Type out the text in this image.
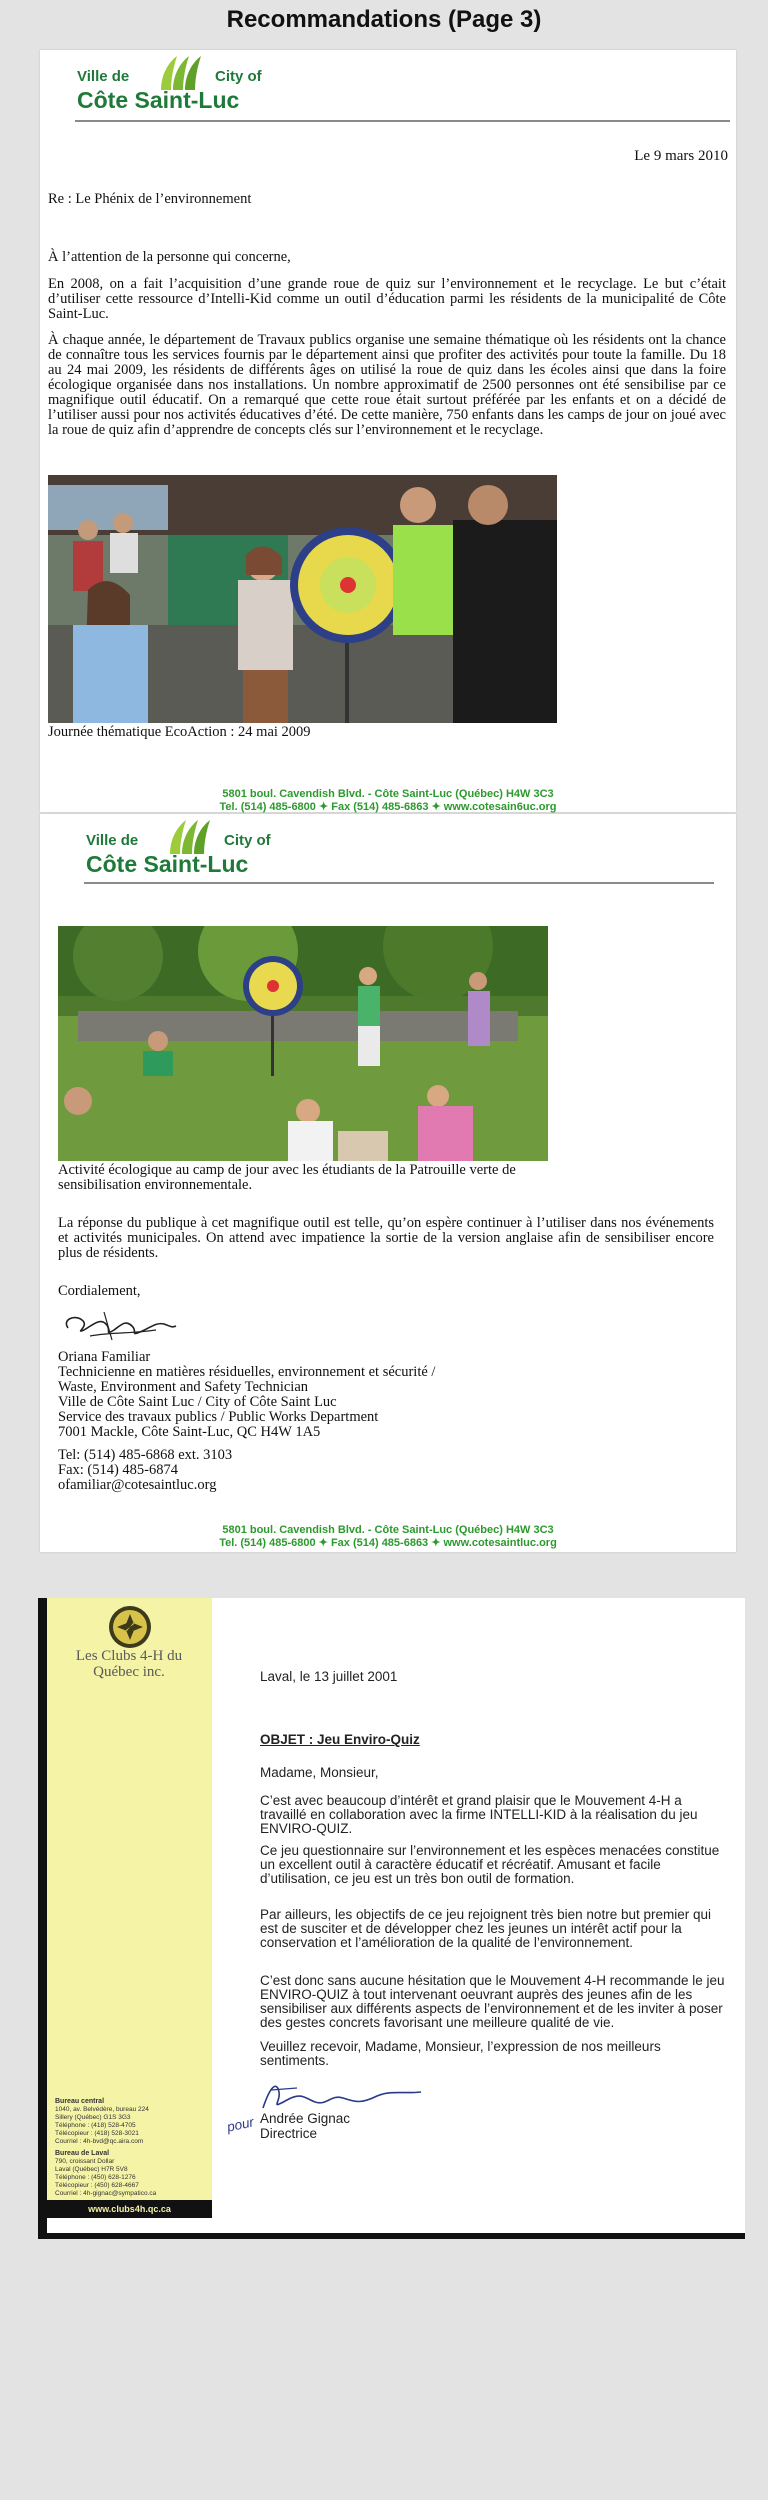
Recommandations (Page 3)
Ville de	City of
Côte Saint-Luc
Le 9 mars 2010
Re : Le Phénix de l’environnement
À l’attention de la personne qui concerne,
En 2008, on a fait l’acquisition d’une grande roue de quiz sur l’environnement et le recyclage. Le but c’était d’utiliser cette ressource d’Intelli-Kid comme un outil d’éducation parmi les résidents de la municipalité de Côte Saint-Luc.
À chaque année, le département de Travaux publics organise une semaine thématique où les résidents ont la chance de connaître tous les services fournis par le département ainsi que profiter des activités pour toute la famille. Du 18 au 24 mai 2009, les résidents de différents âges on utilisé la roue de quiz dans les écoles ainsi que dans la foire écologique organisée dans nos installations. Un nombre approximatif de 2500 personnes ont été sensibilise par ce magnifique outil éducatif. On a remarqué que cette roue était surtout préférée par les enfants et on a décidé de l’utiliser aussi pour nos activités éducatives d’été. De cette manière, 750 enfants dans les camps de jour on joué avec la roue de quiz afin d’apprendre de concepts clés sur l’environnement et le recyclage.
Journée thématique EcoAction : 24 mai 2009
5801 boul. Cavendish Blvd. - Côte Saint-Luc (Québec) H4W 3C3
Tel. (514) 485-6800 ✦ Fax (514) 485-6863 ✦ www.cotesain6uc.org
Ville de	City of
Côte Saint-Luc
Activité écologique au camp de jour avec les étudiants de la Patrouille verte de sensibilisation environnementale.
La réponse du publique à cet magnifique outil est telle, qu’on espère continuer à l’utiliser dans nos événements et activités municipales. On attend avec impatience la sortie de la version anglaise afin de sensibiliser encore plus de résidents.
Cordialement,
Oriana Familiar
Technicienne en matières résiduelles, environnement et sécurité /
Waste, Environment and Safety Technician
Ville de Côte Saint Luc / City of Côte Saint Luc
Service des travaux publics / Public Works Department
7001 Mackle, Côte Saint-Luc, QC H4W 1A5
Tel: (514) 485-6868 ext. 3103
Fax: (514) 485-6874
ofamiliar@cotesaintluc.org
5801 boul. Cavendish Blvd. - Côte Saint-Luc (Québec) H4W 3C3
Tel. (514) 485-6800 ✦ Fax (514) 485-6863 ✦ www.cotesaintluc.org
Les Clubs 4-H du Québec inc.
Bureau central
1040, av. Belvédère, bureau 224
Sillery (Québec) G1S 3G3
Téléphone : (418) 528-4705
Télécopieur : (418) 528-3021
Courriel : 4h-bvd@qc.aira.com
Bureau de Laval
790, croissant Dollar
Laval (Québec) H7R 5V8
Téléphone : (450) 628-1276
Télécopieur : (450) 628-4667
Courriel : 4h-gignac@sympatico.ca
www.clubs4h.qc.ca
Laval, le 13 juillet 2001
OBJET : Jeu Enviro-Quiz
Madame, Monsieur,
C’est avec beaucoup d’intérêt et grand plaisir que le Mouvement 4-H a travaillé en collaboration avec la firme INTELLI-KID à la réalisation du jeu ENVIRO-QUIZ.
Ce jeu questionnaire sur l’environnement et les espèces menacées constitue un excellent outil à caractère éducatif et récréatif. Amusant et facile d’utilisation, ce jeu est un très bon outil de formation.
Par ailleurs, les objectifs de ce jeu rejoignent très bien notre but premier qui est de susciter et de développer chez les jeunes un intérêt actif pour la conservation et l’amélioration de la qualité de l’environnement.
C’est donc sans aucune hésitation que le Mouvement 4-H recommande le jeu ENVIRO-QUIZ à tout intervenant oeuvrant auprès des jeunes afin de les sensibiliser aux différents aspects de l’environnement et de les inviter à poser des gestes concrets favorisant une meilleure qualité de vie.
Veuillez recevoir, Madame, Monsieur, l’expression de nos meilleurs sentiments.
pour Andrée Gignac
Directrice
